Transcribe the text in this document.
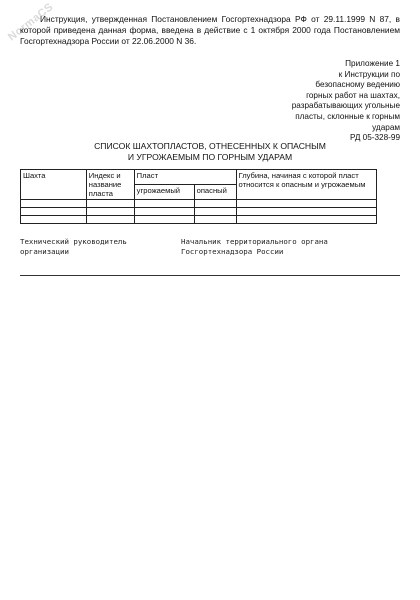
NormaCS
Инструкция, утвержденная Постановлением Госгортехнадзора РФ от 29.11.1999 N 87, в которой приведена данная форма, введена в действие с 1 октября 2000 года Постановлением Госгортехнадзора России от 22.06.2000 N 36.
Приложение 1
к Инструкции по
безопасному ведению
горных работ на шахтах,
разрабатывающих угольные
пласты, склонные к горным
ударам
РД 05-328-99
СПИСОК ШАХТОПЛАСТОВ, ОТНЕСЕННЫХ К ОПАСНЫМ
И УГРОЖАЕМЫМ ПО ГОРНЫМ УДАРАМ
Шахта	Индекс и название пласта	Пласт		Глубина, начиная с которой пласт относится к опасным и угрожаемым
		угрожаемый	опасный	

Технический руководитель организации
Начальник территориального органа Госгортехнадзора России
